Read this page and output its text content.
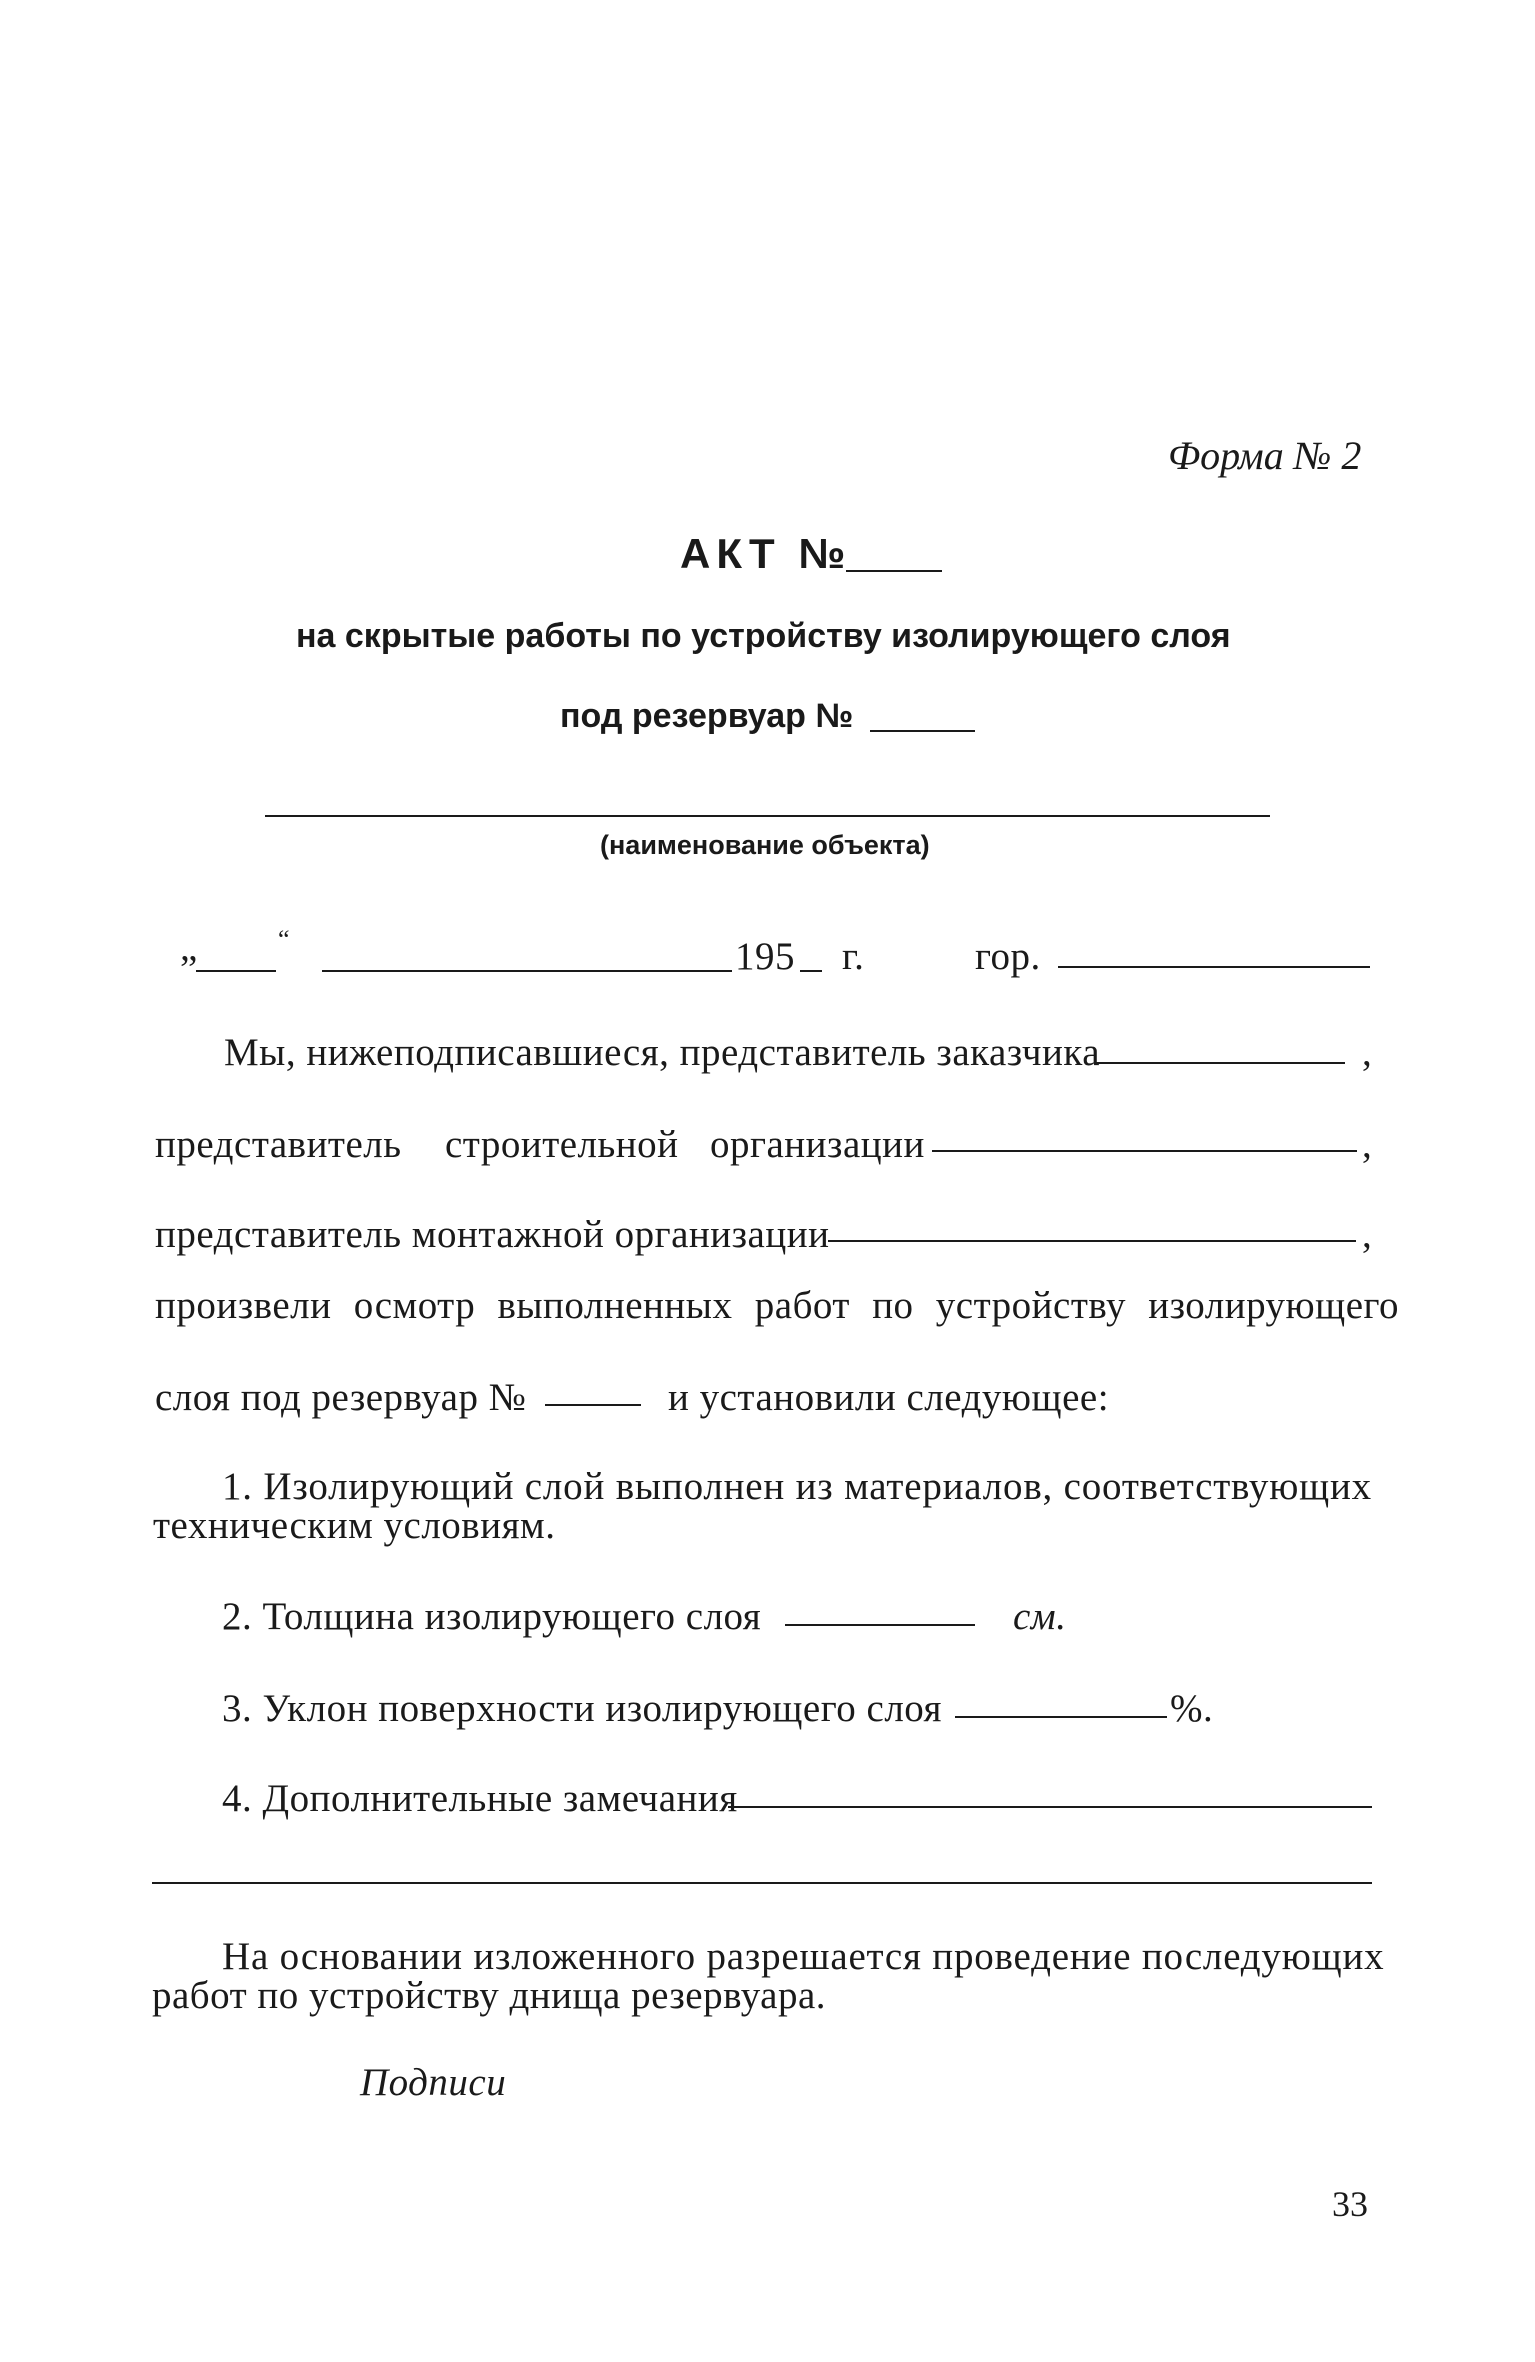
Форма № 2
АКТ №
на скрытые работы по устройству изолирующего слоя
под резервуар №
(наименование объекта)
„	“	195 г.	гор.
Мы, нижеподписавшиеся, представитель заказчика	,
представитель строительной организации	,
представитель монтажной организации	,
произвели осмотр выполненных работ по устройству изолирующего
слоя под резервуар №	и установили следующее:
1. Изолирующий слой выполнен из материалов, соответствующих
техническим условиям.
2. Толщина изолирующего слоя	см.
3. Уклон поверхности изолирующего слоя	%.
4. Дополнительные замечания
На основании изложенного разрешается проведение последующих
работ по устройству днища резервуара.
Подписи
33
